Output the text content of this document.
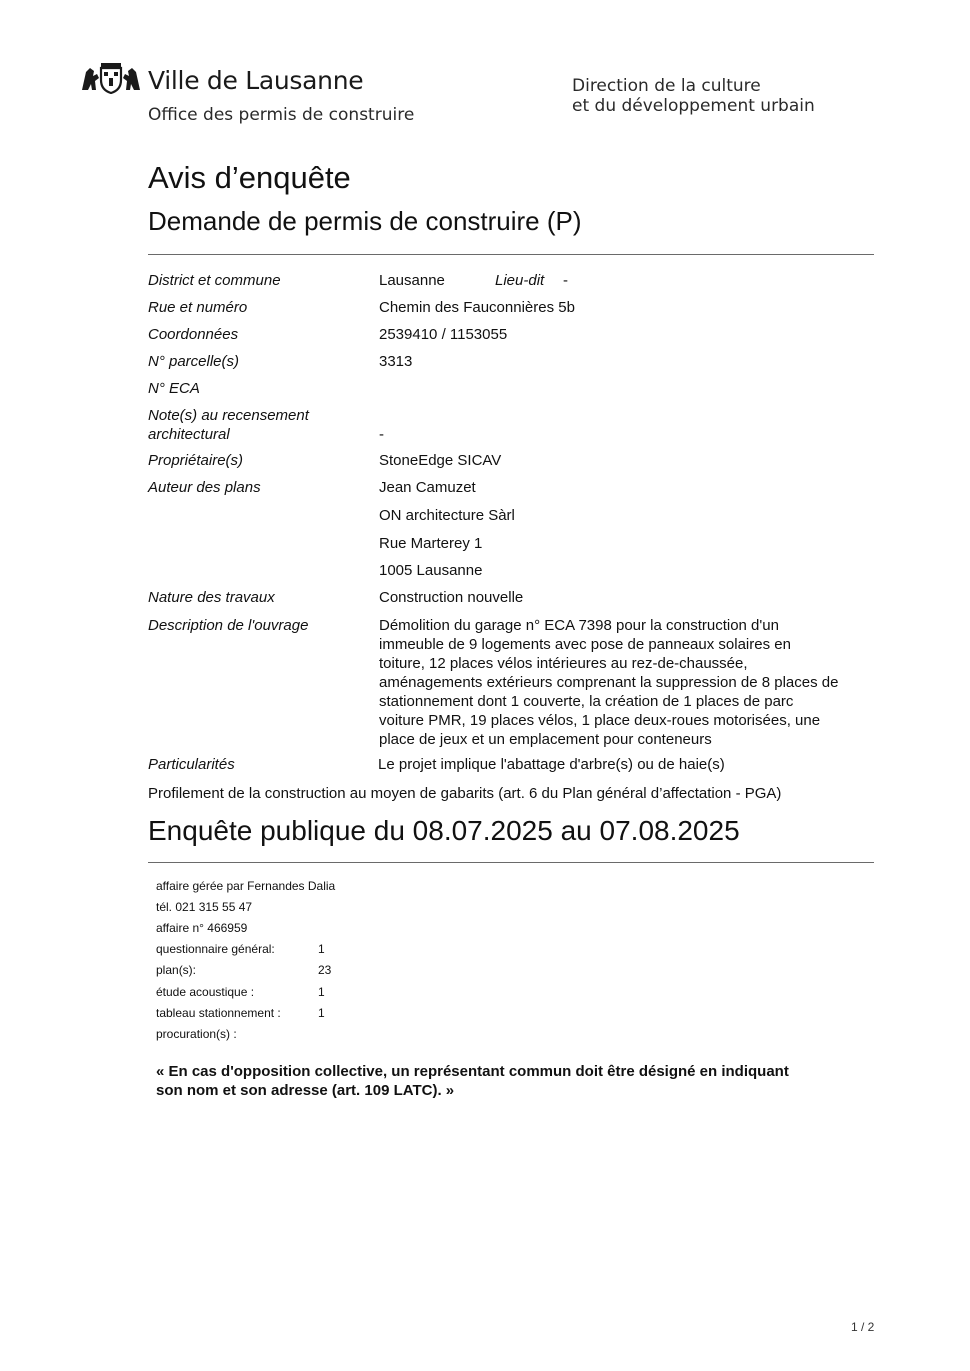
Ville de Lausanne
Office des permis de construire
Direction de la culture
et du développement urbain
Avis d’enquête
Demande de permis de construire (P)
District et commune	Lausanne	Lieu-dit -
Rue et numéro	Chemin des Fauconnières 5b
Coordonnées	2539410 / 1153055
N° parcelle(s)	3313
N° ECA
Note(s) au recensement
architectural	-
Propriétaire(s)	StoneEdge SICAV
Auteur des plans	Jean Camuzet
ON architecture Sàrl
Rue Marterey 1
1005 Lausanne
Nature des travaux	Construction nouvelle
Description de l'ouvrage	Démolition du garage n° ECA 7398 pour la construction d'un
immeuble de 9 logements avec pose de panneaux solaires en
toiture, 12 places vélos intérieures au rez-de-chaussée,
aménagements extérieurs comprenant la suppression de 8 places de
stationnement dont 1 couverte, la création de 1 places de parc
voiture PMR, 19 places vélos, 1 place deux-roues motorisées, une
place de jeux et un emplacement pour conteneurs
Particularités	Le projet implique l'abattage d'arbre(s) ou de haie(s)
Profilement de la construction au moyen de gabarits (art. 6 du Plan général d’affectation - PGA)
Enquête publique du 08.07.2025 au 07.08.2025
affaire gérée par Fernandes Dalia
tél. 021 315 55 47
affaire n° 466959
questionnaire général:	1
plan(s):	23
étude acoustique :	1
tableau stationnement :	1
procuration(s) :
« En cas d'opposition collective, un représentant commun doit être désigné en indiquant
son nom et son adresse (art. 109 LATC). »
1 / 2
